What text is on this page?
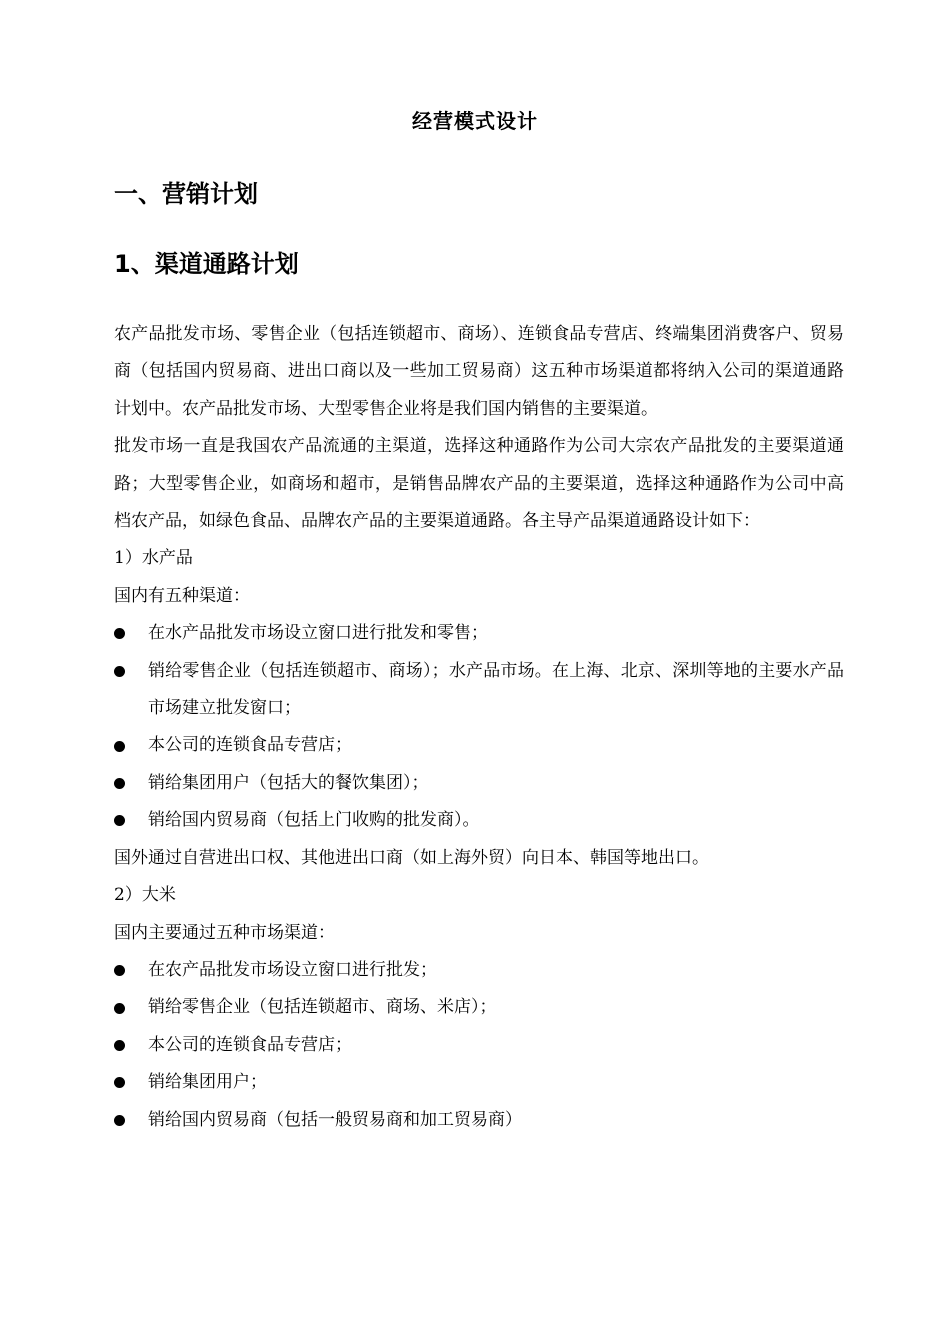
经营模式设计
一、营销计划
1、渠道通路计划

农产品批发市场、零售企业（包括连锁超市、商场）、连锁食品专营店、终端集团消费客户、贸易商（包括国内贸易商、进出口商以及一些加工贸易商）这五种市场渠道都将纳入公司的渠道通路计划中。农产品批发市场、大型零售企业将是我们国内销售的主要渠道。

批发市场一直是我国农产品流通的主渠道，选择这种通路作为公司大宗农产品批发的主要渠道通路；大型零售企业，如商场和超市，是销售品牌农产品的主要渠道，选择这种通路作为公司中高档农产品，如绿色食品、品牌农产品的主要渠道通路。各主导产品渠道通路设计如下：

1）水产品

国内有五种渠道：

在水产品批发市场设立窗口进行批发和零售；
销给零售企业（包括连锁超市、商场）；水产品市场。在上海、北京、深圳等地的主要水产品市场建立批发窗口；
本公司的连锁食品专营店；
销给集团用户（包括大的餐饮集团）；
销给国内贸易商（包括上门收购的批发商）。

国外通过自营进出口权、其他进出口商（如上海外贸）向日本、韩国等地出口。

2）大米

国内主要通过五种市场渠道：

在农产品批发市场设立窗口进行批发；
销给零售企业（包括连锁超市、商场、米店）；
本公司的连锁食品专营店；
销给集团用户；
销给国内贸易商（包括一般贸易商和加工贸易商）
